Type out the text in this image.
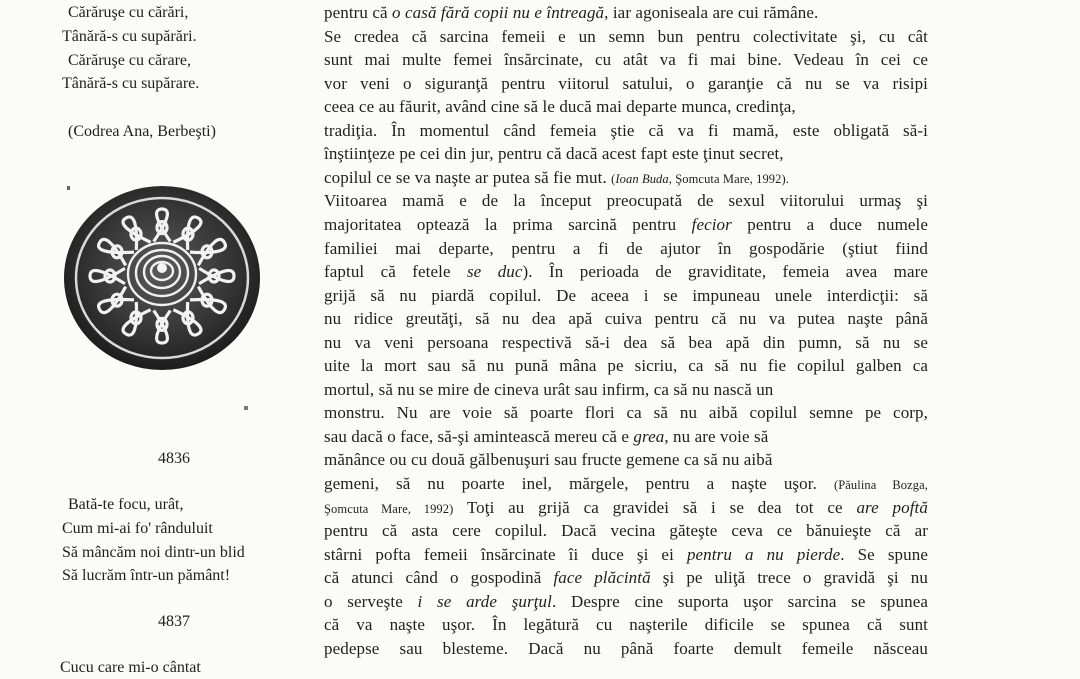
Cărăruşe cu cărări,
Tânără-s cu supărări.
Cărăruşe cu cărare,
Tânără-s cu supărare.
(Codrea Ana, Berbeşti)
4836
Bată-te focu, urât,
Cum mi-ai fo' rânduluit
Să mâncăm noi dintr-un blid
Să lucrăm într-un pământ!
4837
Cucu care mi-o cântat
pentru că o casă fără copii nu e întreagă, iar agoniseala are cui rămâne.
Se credea că sarcina femeii e un semn bun pentru colectivitate şi, cu cât
sunt mai multe femei însărcinate, cu atât va fi mai bine. Vedeau în cei ce
vor veni o siguranţă pentru viitorul satului, o garanţie că nu se va risipi
ceea ce au făurit, având cine să le ducă mai departe munca, credinţa,
tradiţia. În momentul când femeia ştie că va fi mamă, este obligată să-i
înştiinţeze pe cei din jur, pentru că dacă acest fapt este ţinut secret,
copilul ce se va naşte ar putea să fie mut. (Ioan Buda, Şomcuta Mare, 1992).
Viitoarea mamă e de la început preocupată de sexul viitorului urmaş şi
majoritatea optează la prima sarcină pentru fecior pentru a duce numele
familiei mai departe, pentru a fi de ajutor în gospodărie (ştiut fiind
faptul că fetele se duc). În perioada de graviditate, femeia avea mare
grijă să nu piardă copilul. De aceea i se impuneau unele interdicţii: să
nu ridice greutăţi, să nu dea apă cuiva pentru că nu va putea naşte până
nu va veni persoana respectivă să-i dea să bea apă din pumn, să nu se
uite la mort sau să nu pună mâna pe sicriu, ca să nu fie copilul galben ca
mortul, să nu se mire de cineva urât sau infirm, ca să nu nască un
monstru. Nu are voie să poarte flori ca să nu aibă copilul semne pe corp,
sau dacă o face, să-şi amintească mereu că e grea, nu are voie să
mănânce ou cu două gălbenuşuri sau fructe gemene ca să nu aibă
gemeni, să nu poarte inel, mărgele, pentru a naşte uşor. (Păulina Bozga,
Şomcuta Mare, 1992) Toţi au grijă ca gravidei să i se dea tot ce are poftă
pentru că asta cere copilul. Dacă vecina găteşte ceva ce bănuieşte că ar
stârni pofta femeii însărcinate îi duce şi ei pentru a nu pierde. Se spune
că atunci când o gospodină face plăcintă şi pe uliţă trece o gravidă şi nu
o serveşte i se arde şurţul. Despre cine suporta uşor sarcina se spunea
că va naşte uşor. În legătură cu naşterile dificile se spunea că sunt
pedepse sau blesteme. Dacă nu până foarte demult femeile născeau
